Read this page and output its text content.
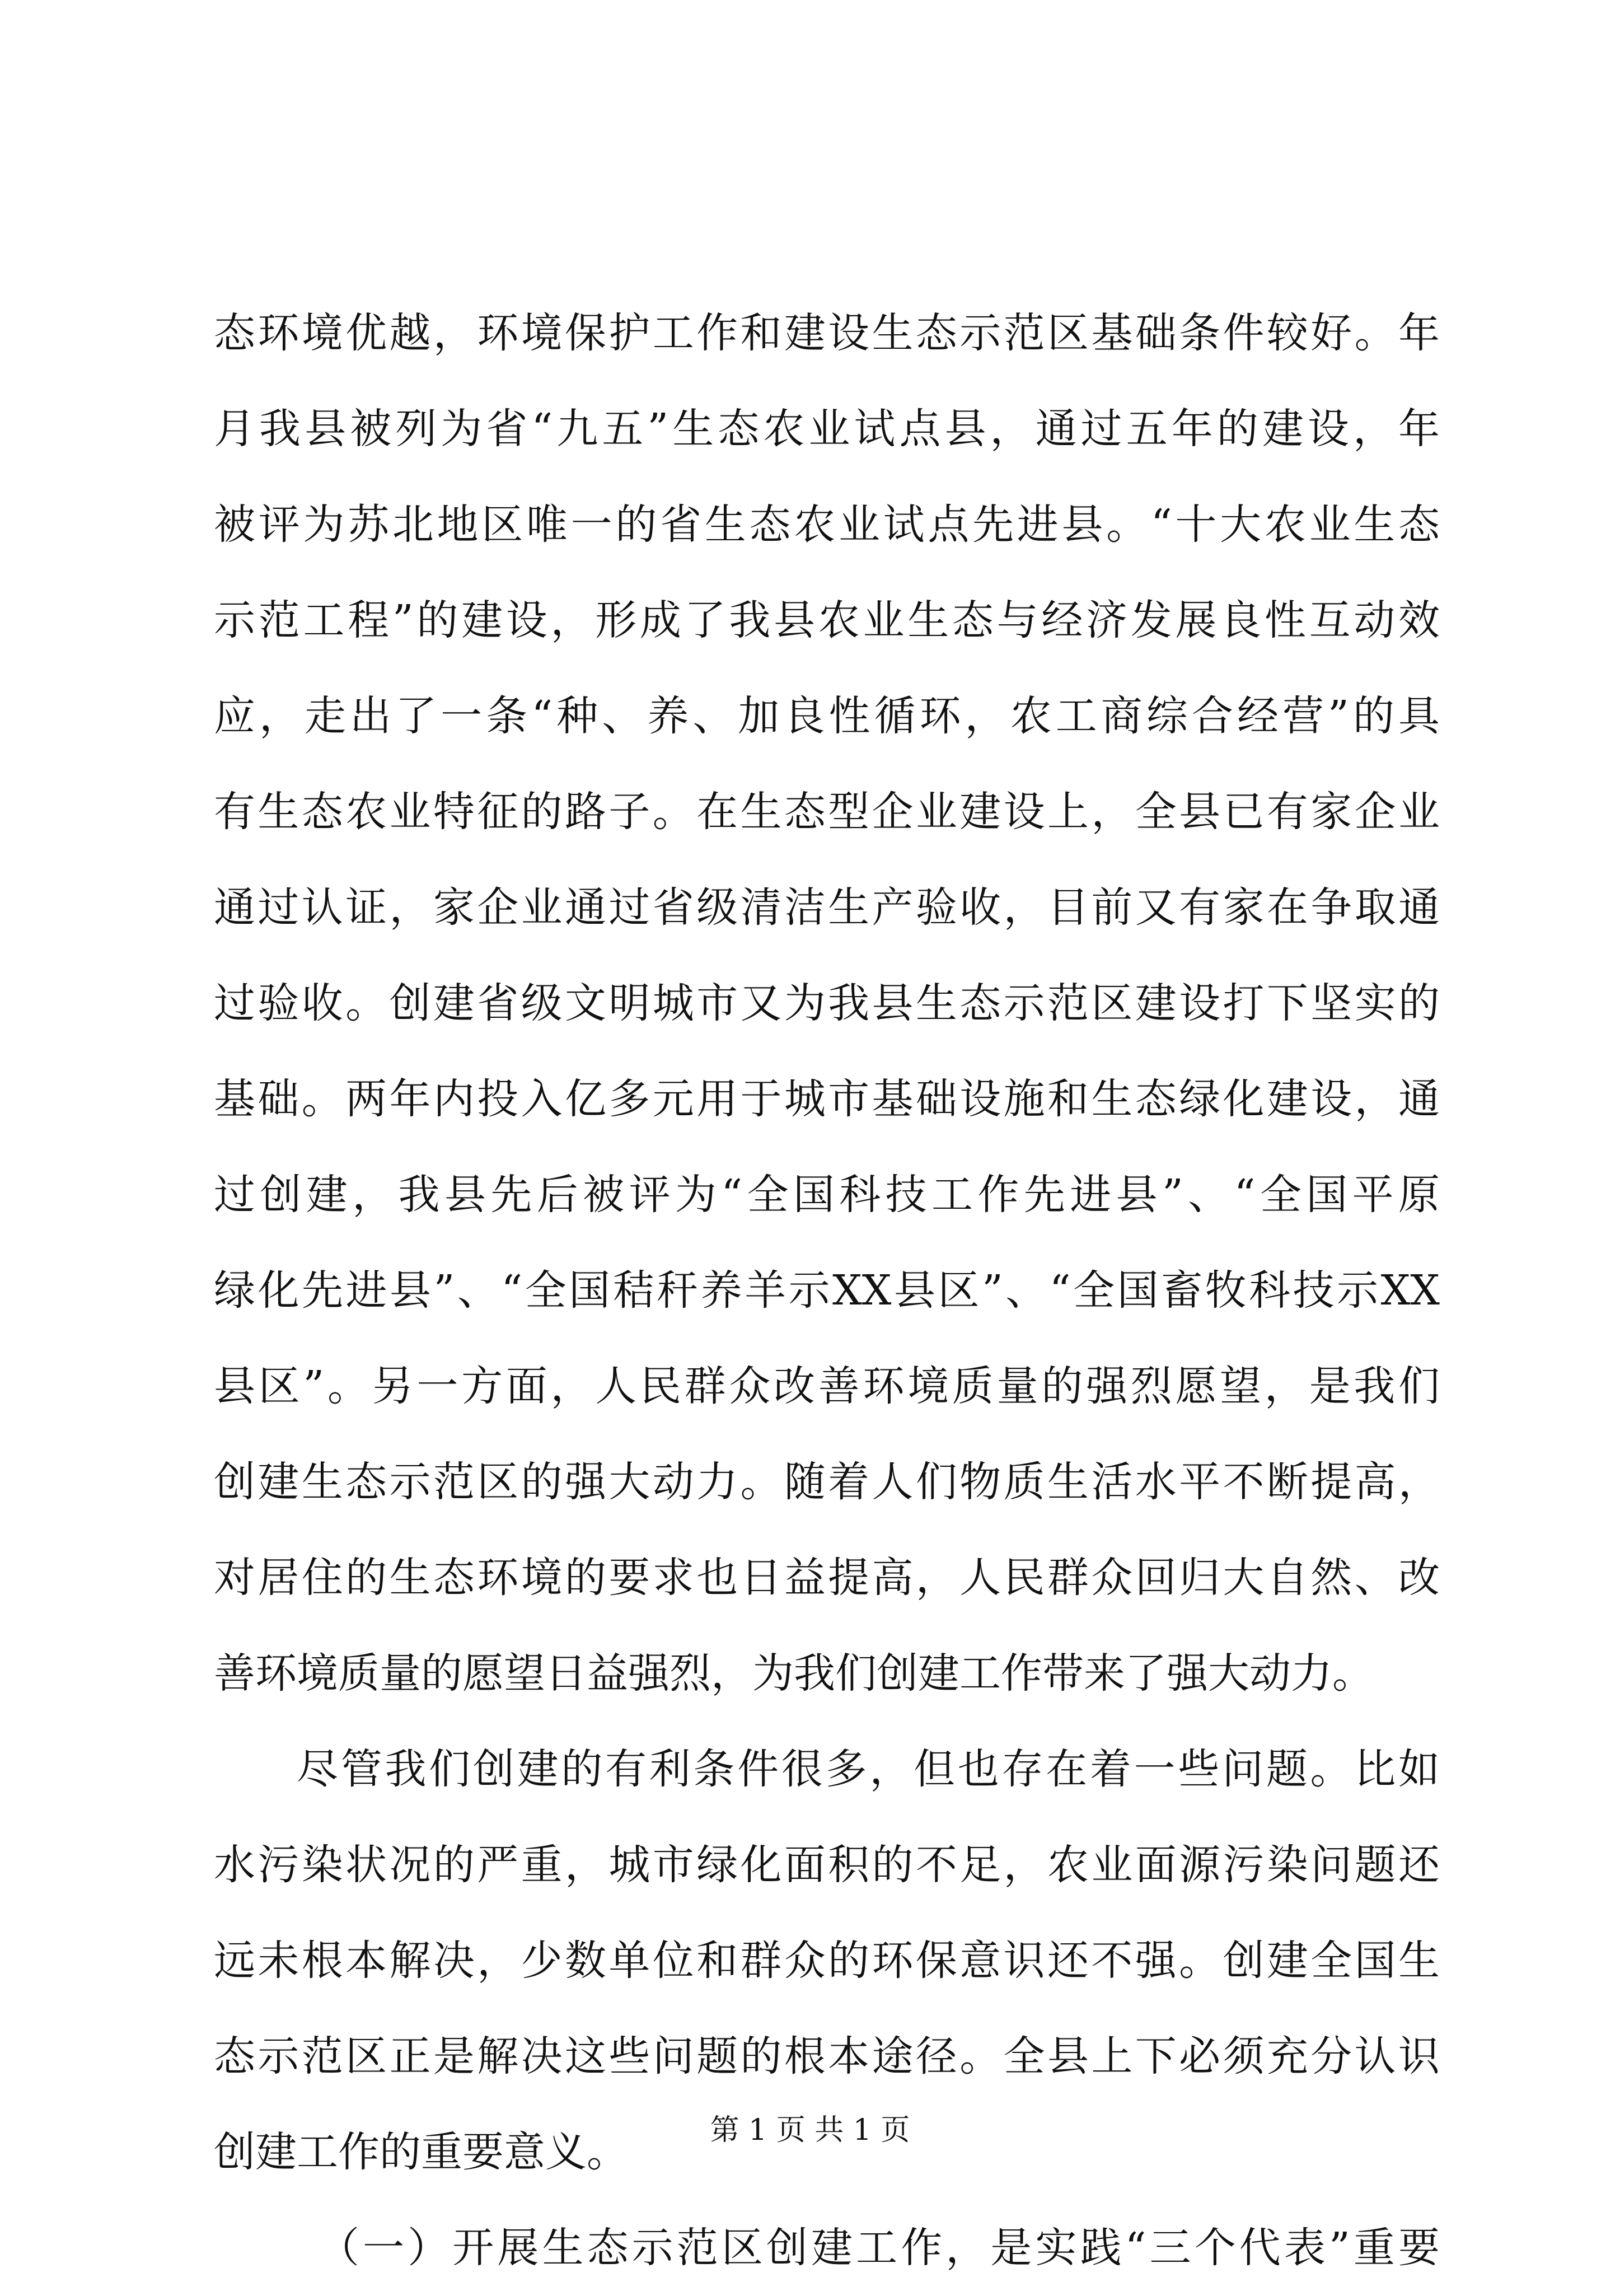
态环境优越，环境保护工作和建设生态示范区基础条件较好。年
月我县被列为省“九五”生态农业试点县，通过五年的建设，年
被评为苏北地区唯一的省生态农业试点先进县。“十大农业生态
示范工程”的建设，形成了我县农业生态与经济发展良性互动效
应，走出了一条“种、养、加良性循环，农工商综合经营”的具
有生态农业特征的路子。在生态型企业建设上，全县已有家企业
通过认证，家企业通过省级清洁生产验收，目前又有家在争取通
过验收。创建省级文明城市又为我县生态示范区建设打下坚实的
基础。两年内投入亿多元用于城市基础设施和生态绿化建设，通
过创建，我县先后被评为“全国科技工作先进县”、“全国平原
绿化先进县”、“全国秸秆养羊示XX县区”、“全国畜牧科技示XX
县区”。另一方面，人民群众改善环境质量的强烈愿望，是我们
创建生态示范区的强大动力。随着人们物质生活水平不断提高，
对居住的生态环境的要求也日益提高，人民群众回归大自然、改
善环境质量的愿望日益强烈，为我们创建工作带来了强大动力。
尽管我们创建的有利条件很多，但也存在着一些问题。比如
水污染状况的严重，城市绿化面积的不足，农业面源污染问题还
远未根本解决，少数单位和群众的环保意识还不强。创建全国生
态示范区正是解决这些问题的根本途径。全县上下必须充分认识
创建工作的重要意义。
（一）开展生态示范区创建工作，是实践“三个代表”重要
第 1 页 共 1 页
